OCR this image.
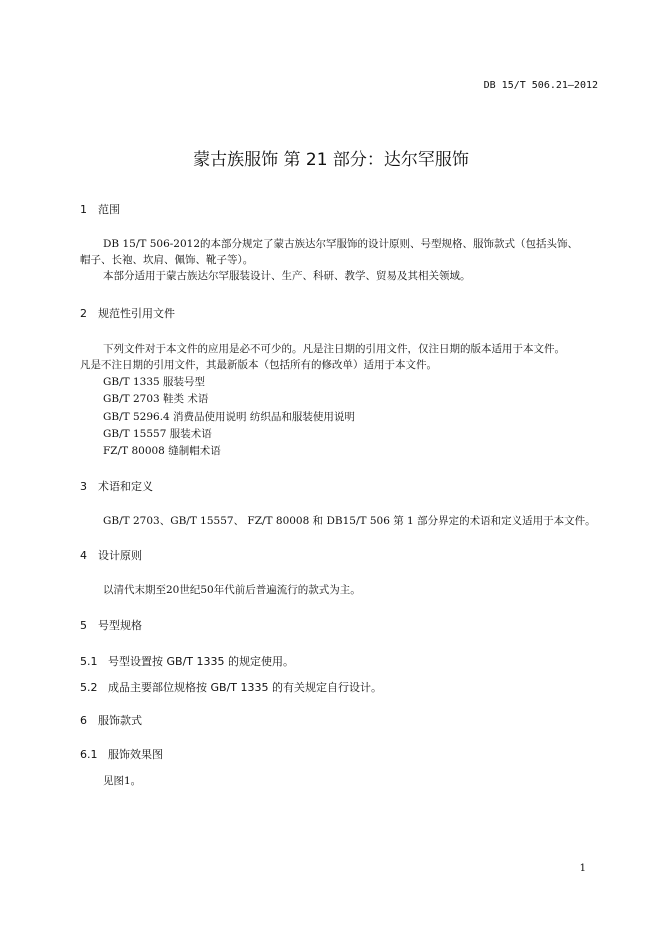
DB 15/T 506.21—2012
蒙古族服饰 第 21 部分：达尔罕服饰
1 范围
DB 15/T 506-2012的本部分规定了蒙古族达尔罕服饰的设计原则、号型规格、服饰款式（包括头饰、
帽子、长袍、坎肩、佩饰、靴子等）。
本部分适用于蒙古族达尔罕服装设计、生产、科研、教学、贸易及其相关领域。
2 规范性引用文件
下列文件对于本文件的应用是必不可少的。凡是注日期的引用文件，仅注日期的版本适用于本文件。
凡是不注日期的引用文件，其最新版本（包括所有的修改单）适用于本文件。
GB/T 1335 服装号型
GB/T 2703 鞋类 术语
GB/T 5296.4 消费品使用说明 纺织品和服装使用说明
GB/T 15557 服装术语
FZ/T 80008 缝制帽术语
3 术语和定义
GB/T 2703、GB/T 15557、 FZ/T 80008 和 DB15/T 506 第 1 部分界定的术语和定义适用于本文件。
4 设计原则
以清代末期至20世纪50年代前后普遍流行的款式为主。
5 号型规格
5.1 号型设置按 GB/T 1335 的规定使用。
5.2 成品主要部位规格按 GB/T 1335 的有关规定自行设计。
6 服饰款式
6.1 服饰效果图
见图1。
1
